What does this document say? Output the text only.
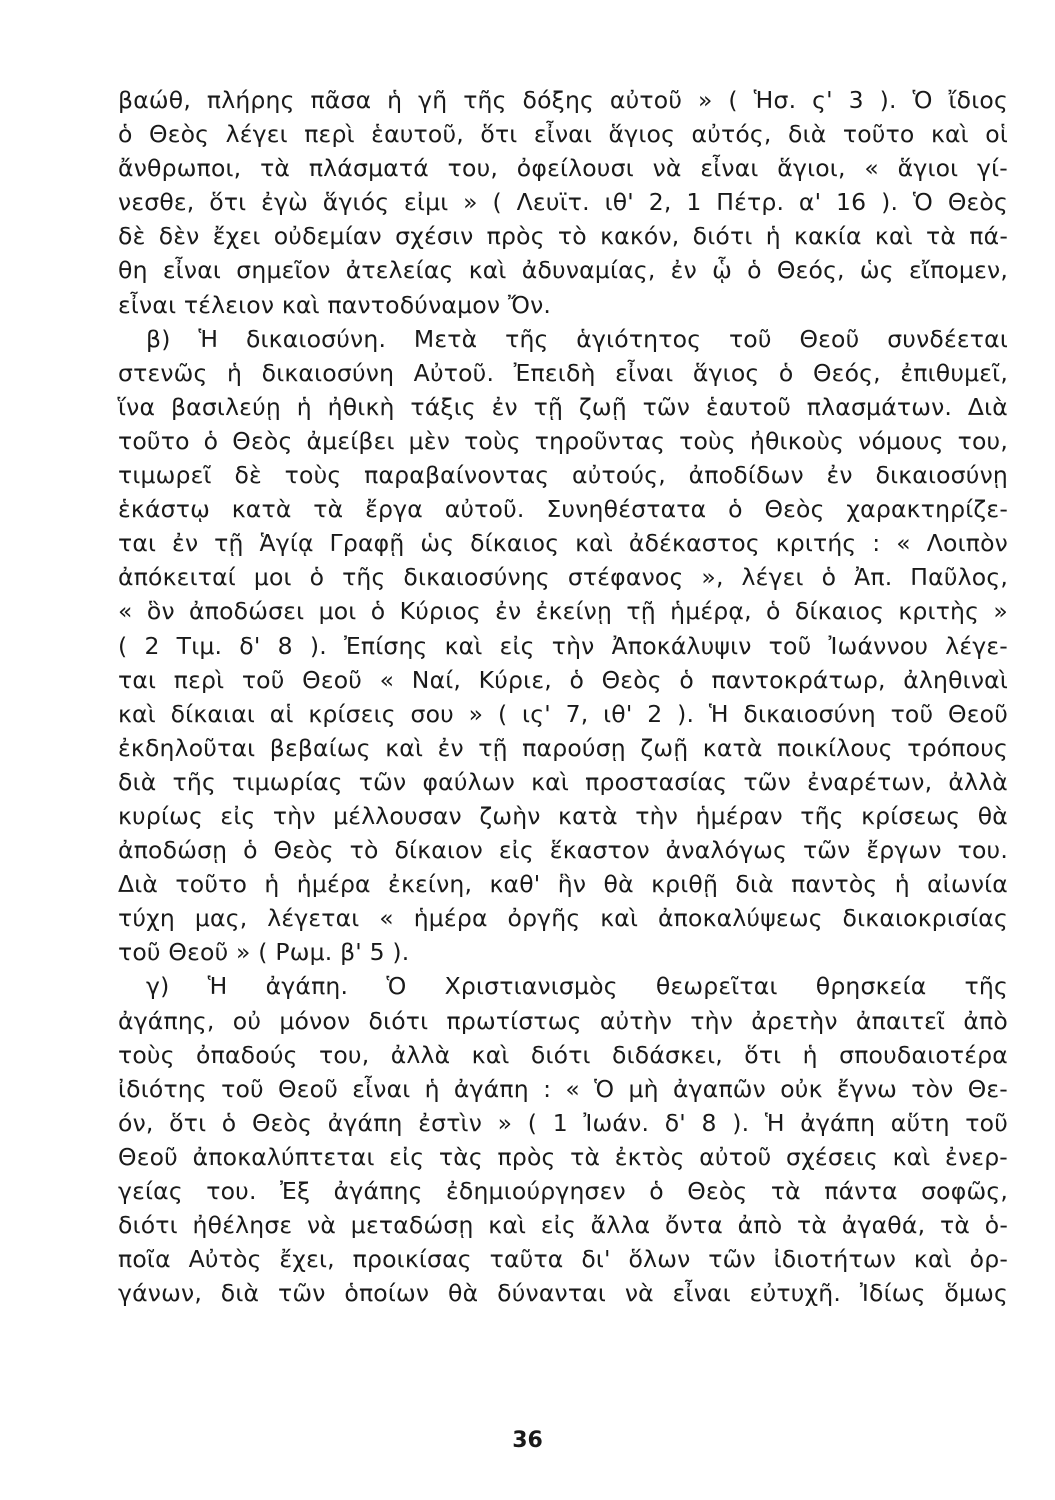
βαώθ, πλήρης πᾶσα ἡ γῆ τῆς δόξης αὐτοῦ » ( Ἡσ. ς' 3 ). Ὁ ἴδιος
ὁ Θεὸς λέγει περὶ ἑαυτοῦ, ὅτι εἶναι ἅγιος αὐτός, διὰ τοῦτο καὶ οἱ
ἄνθρωποι, τὰ πλάσματά του, ὀφείλουσι νὰ εἶναι ἅγιοι, « ἅγιοι γί-
νεσθε, ὅτι ἐγὼ ἅγιός εἰμι » ( Λευϊτ. ιθ' 2, 1 Πέτρ. α' 16 ). Ὁ Θεὸς
δὲ δὲν ἔχει οὐδεμίαν σχέσιν πρὸς τὸ κακόν, διότι ἡ κακία καὶ τὰ πά-
θη εἶναι σημεῖον ἀτελείας καὶ ἀδυναμίας, ἐν ᾧ ὁ Θεός, ὡς εἴπομεν,
εἶναι τέλειον καὶ παντοδύναμον Ὄν.
β) Ἡ δικαιοσύνη. Μετὰ τῆς ἁγιότητος τοῦ Θεοῦ συνδέεται
στενῶς ἡ δικαιοσύνη Αὐτοῦ. Ἐπειδὴ εἶναι ἅγιος ὁ Θεός, ἐπιθυμεῖ,
ἵνα βασιλεύῃ ἡ ἠθικὴ τάξις ἐν τῇ ζωῇ τῶν ἑαυτοῦ πλασμάτων. Διὰ
τοῦτο ὁ Θεὸς ἀμείβει μὲν τοὺς τηροῦντας τοὺς ἠθικοὺς νόμους του,
τιμωρεῖ δὲ τοὺς παραβαίνοντας αὐτούς, ἀποδίδων ἐν δικαιοσύνῃ
ἑκάστῳ κατὰ τὰ ἔργα αὐτοῦ. Συνηθέστατα ὁ Θεὸς χαρακτηρίζε-
ται ἐν τῇ Ἁγίᾳ Γραφῇ ὡς δίκαιος καὶ ἀδέκαστος κριτής : « Λοιπὸν
ἀπόκειταί μοι ὁ τῆς δικαιοσύνης στέφανος », λέγει ὁ Ἀπ. Παῦλος,
« ὃν ἀποδώσει μοι ὁ Κύριος ἐν ἐκείνῃ τῇ ἡμέρᾳ, ὁ δίκαιος κριτὴς »
( 2 Τιμ. δ' 8 ). Ἐπίσης καὶ εἰς τὴν Ἀποκάλυψιν τοῦ Ἰωάννου λέγε-
ται περὶ τοῦ Θεοῦ « Ναί, Κύριε, ὁ Θεὸς ὁ παντοκράτωρ, ἀληθιναὶ
καὶ δίκαιαι αἱ κρίσεις σου » ( ις' 7, ιθ' 2 ). Ἡ δικαιοσύνη τοῦ Θεοῦ
ἐκδηλοῦται βεβαίως καὶ ἐν τῇ παρούσῃ ζωῇ κατὰ ποικίλους τρόπους
διὰ τῆς τιμωρίας τῶν φαύλων καὶ προστασίας τῶν ἐναρέτων, ἀλλὰ
κυρίως εἰς τὴν μέλλουσαν ζωὴν κατὰ τὴν ἡμέραν τῆς κρίσεως θὰ
ἀποδώσῃ ὁ Θεὸς τὸ δίκαιον εἰς ἕκαστον ἀναλόγως τῶν ἔργων του.
Διὰ τοῦτο ἡ ἡμέρα ἐκείνη, καθ' ἣν θὰ κριθῇ διὰ παντὸς ἡ αἰωνία
τύχη μας, λέγεται « ἡμέρα ὀργῆς καὶ ἀποκαλύψεως δικαιοκρισίας
τοῦ Θεοῦ » ( Ρωμ. β' 5 ).
γ) Ἡ ἀγάπη. Ὁ Χριστιανισμὸς θεωρεῖται θρησκεία τῆς
ἀγάπης, οὐ μόνον διότι πρωτίστως αὐτὴν τὴν ἀρετὴν ἀπαιτεῖ ἀπὸ
τοὺς ὀπαδούς του, ἀλλὰ καὶ διότι διδάσκει, ὅτι ἡ σπουδαιοτέρα
ἰδιότης τοῦ Θεοῦ εἶναι ἡ ἀγάπη : « Ὁ μὴ ἀγαπῶν οὐκ ἔγνω τὸν Θε-
όν, ὅτι ὁ Θεὸς ἀγάπη ἐστὶν » ( 1 Ἰωάν. δ' 8 ). Ἡ ἀγάπη αὕτη τοῦ
Θεοῦ ἀποκαλύπτεται εἰς τὰς πρὸς τὰ ἐκτὸς αὐτοῦ σχέσεις καὶ ἐνερ-
γείας του. Ἐξ ἀγάπης ἐδημιούργησεν ὁ Θεὸς τὰ πάντα σοφῶς,
διότι ἠθέλησε νὰ μεταδώσῃ καὶ εἰς ἄλλα ὄντα ἀπὸ τὰ ἀγαθά, τὰ ὁ-
ποῖα Αὐτὸς ἔχει, προικίσας ταῦτα δι' ὅλων τῶν ἰδιοτήτων καὶ ὀρ-
γάνων, διὰ τῶν ὁποίων θὰ δύνανται νὰ εἶναι εὐτυχῆ. Ἰδίως ὅμως
36
